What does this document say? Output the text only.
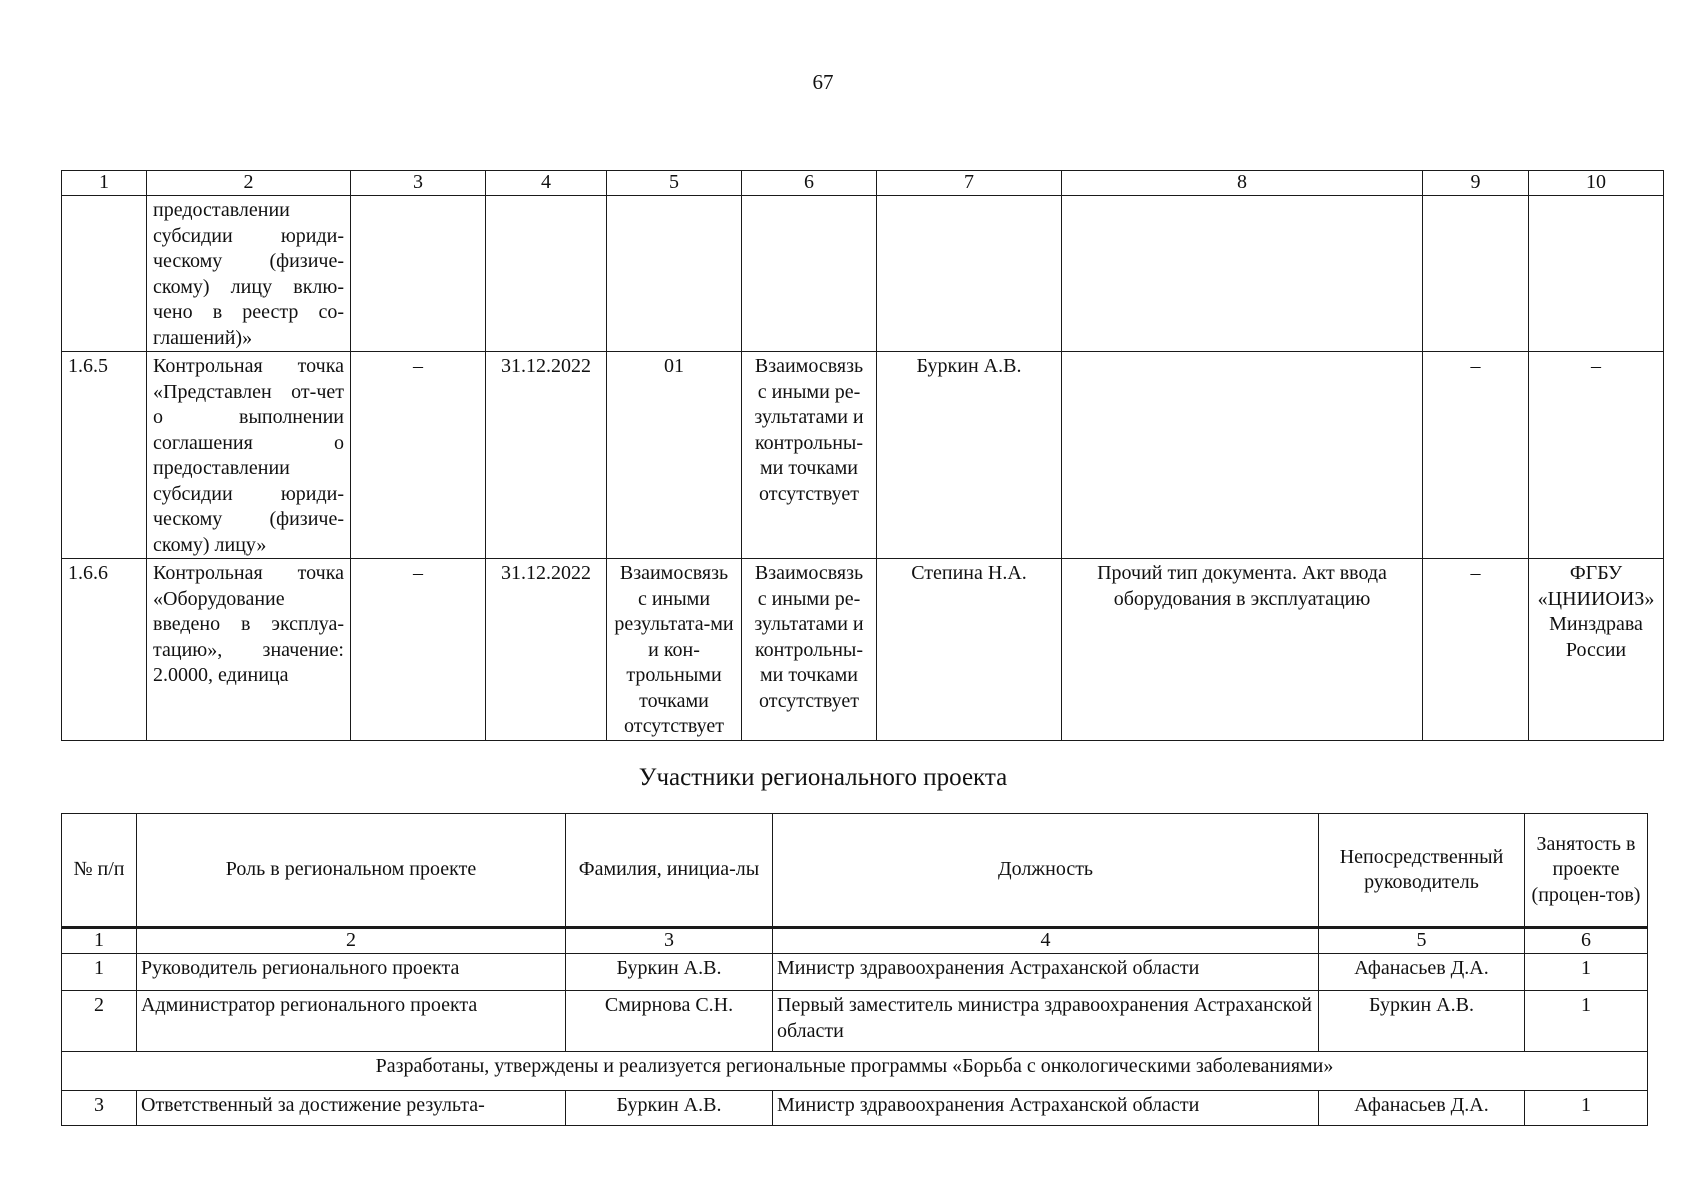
67
1	2	3	4	5	6	7	8	9	10
	предоставлении субсидии юриди-ческому (физиче-скому) лицу вклю-чено в реестр со-глашений)»								
1.6.5	Контрольная точка «Представлен от-чет о выполнении соглашения о предоставлении субсидии юриди-ческому (физиче-скому) лицу»	–	31.12.2022	01	Взаимосвязь с иными ре-зультатами и контрольны-ми точками отсутствует	Буркин А.В.		–	–
1.6.6	Контрольная точка «Оборудование введено в эксплуа-тацию», значение: 2.0000, единица	–	31.12.2022	Взаимосвязь с иными результата-ми и кон-трольными точками отсутствует	Взаимосвязь с иными ре-зультатами и контрольны-ми точками отсутствует	Степина Н.А.	Прочий тип документа. Акт ввода оборудования в эксплуатацию	–	ФГБУ «ЦНИИОИЗ» Минздрава России
Участники регионального проекта
№ п/п	Роль в региональном проекте	Фамилия, инициа-лы	Должность	Непосредственный руководитель	Занятость в проекте (процен-тов)
1	2	3	4	5	6
1	Руководитель регионального проекта	Буркин А.В.	Министр здравоохранения Астраханской области	Афанасьев Д.А.	1
2	Администратор регионального проекта	Смирнова С.Н.	Первый заместитель министра здравоохранения Астраханской области	Буркин А.В.	1
Разработаны, утверждены и реализуется региональные программы «Борьба с онкологическими заболеваниями»					
3	Ответственный за достижение результа-	Буркин А.В.	Министр здравоохранения Астраханской области	Афанасьев Д.А.	1
